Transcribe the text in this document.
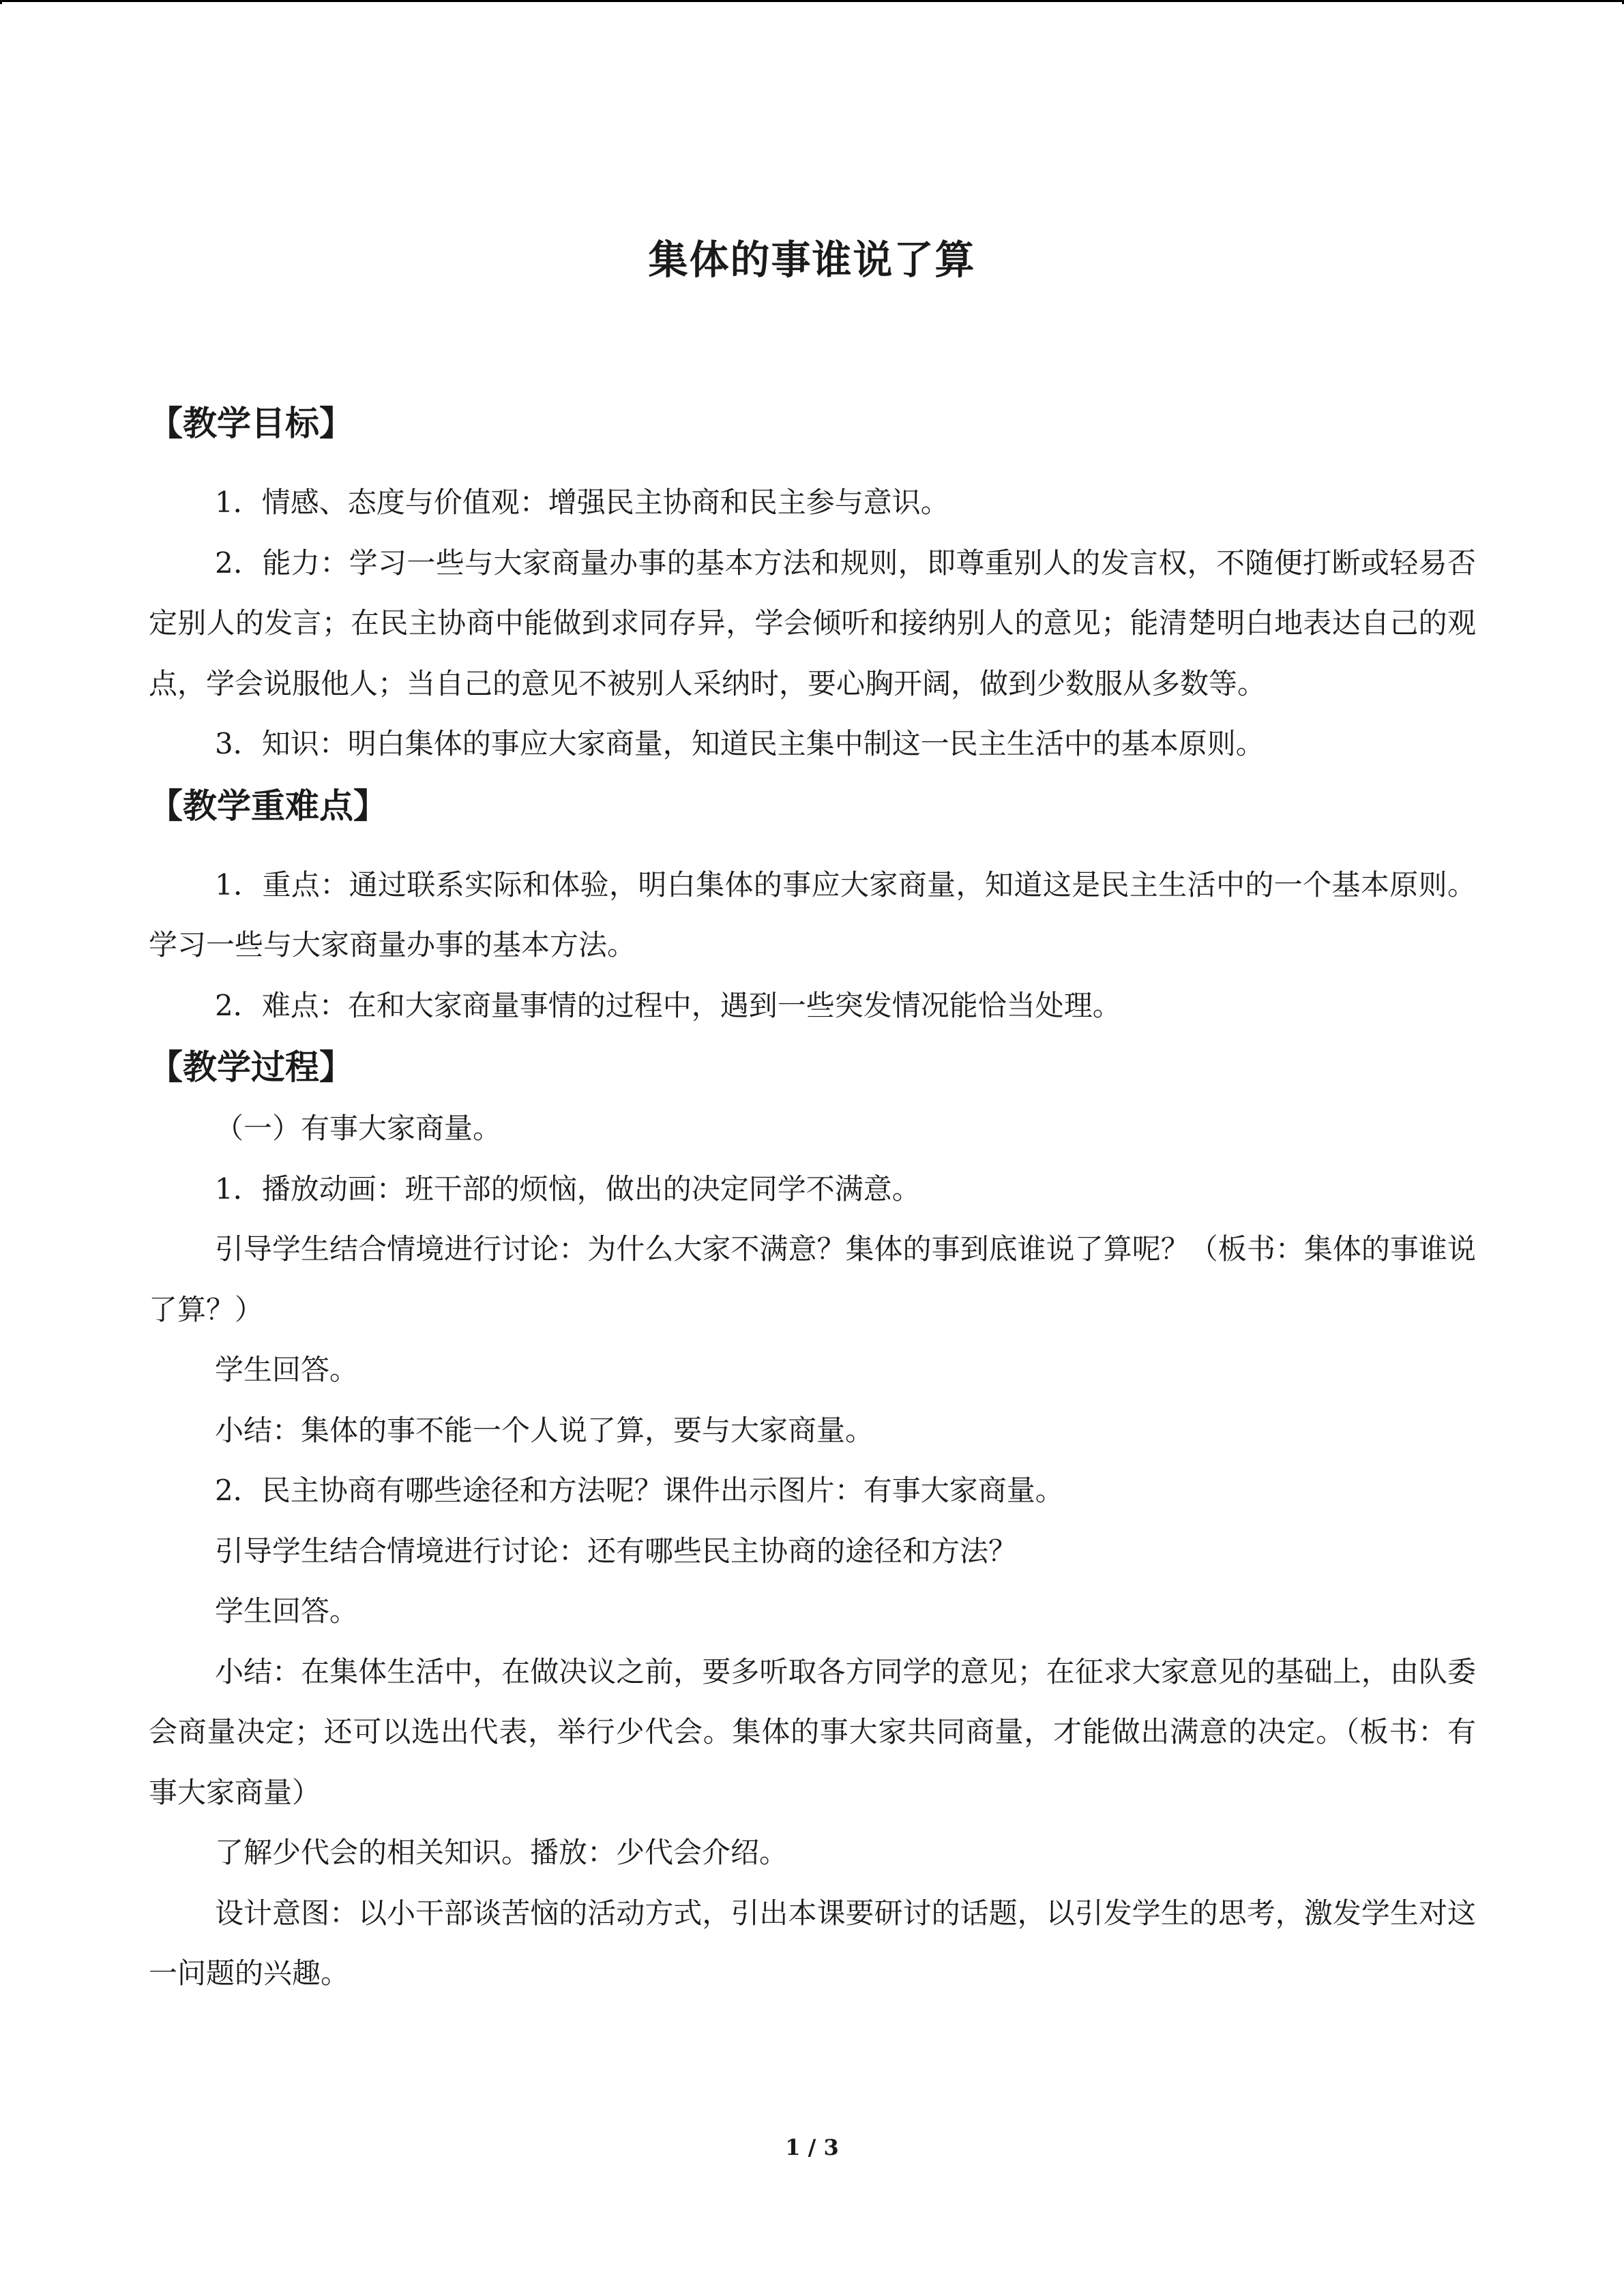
集体的事谁说了算
【教学目标】

1．情感、态度与价值观：增强民主协商和民主参与意识。

2．能力：学习一些与大家商量办事的基本方法和规则，即尊重别人的发言权，不随便打断或轻易否定别人的发言；在民主协商中能做到求同存异，学会倾听和接纳别人的意见；能清楚明白地表达自己的观点，学会说服他人；当自己的意见不被别人采纳时，要心胸开阔，做到少数服从多数等。

3．知识：明白集体的事应大家商量，知道民主集中制这一民主生活中的基本原则。

【教学重难点】

1．重点：通过联系实际和体验，明白集体的事应大家商量，知道这是民主生活中的一个基本原则。学习一些与大家商量办事的基本方法。

2．难点：在和大家商量事情的过程中，遇到一些突发情况能恰当处理。

【教学过程】

（一）有事大家商量。

1．播放动画：班干部的烦恼，做出的决定同学不满意。

引导学生结合情境进行讨论：为什么大家不满意？集体的事到底谁说了算呢？（板书：集体的事谁说了算？）

学生回答。

小结：集体的事不能一个人说了算，要与大家商量。

2．民主协商有哪些途径和方法呢？课件出示图片：有事大家商量。

引导学生结合情境进行讨论：还有哪些民主协商的途径和方法？

学生回答。

小结：在集体生活中，在做决议之前，要多听取各方同学的意见；在征求大家意见的基础上，由队委会商量决定；还可以选出代表，举行少代会。集体的事大家共同商量，才能做出满意的决定。（板书：有事大家商量）

了解少代会的相关知识。播放：少代会介绍。

设计意图：以小干部谈苦恼的活动方式，引出本课要研讨的话题，以引发学生的思考，激发学生对这一问题的兴趣。

1 / 3
